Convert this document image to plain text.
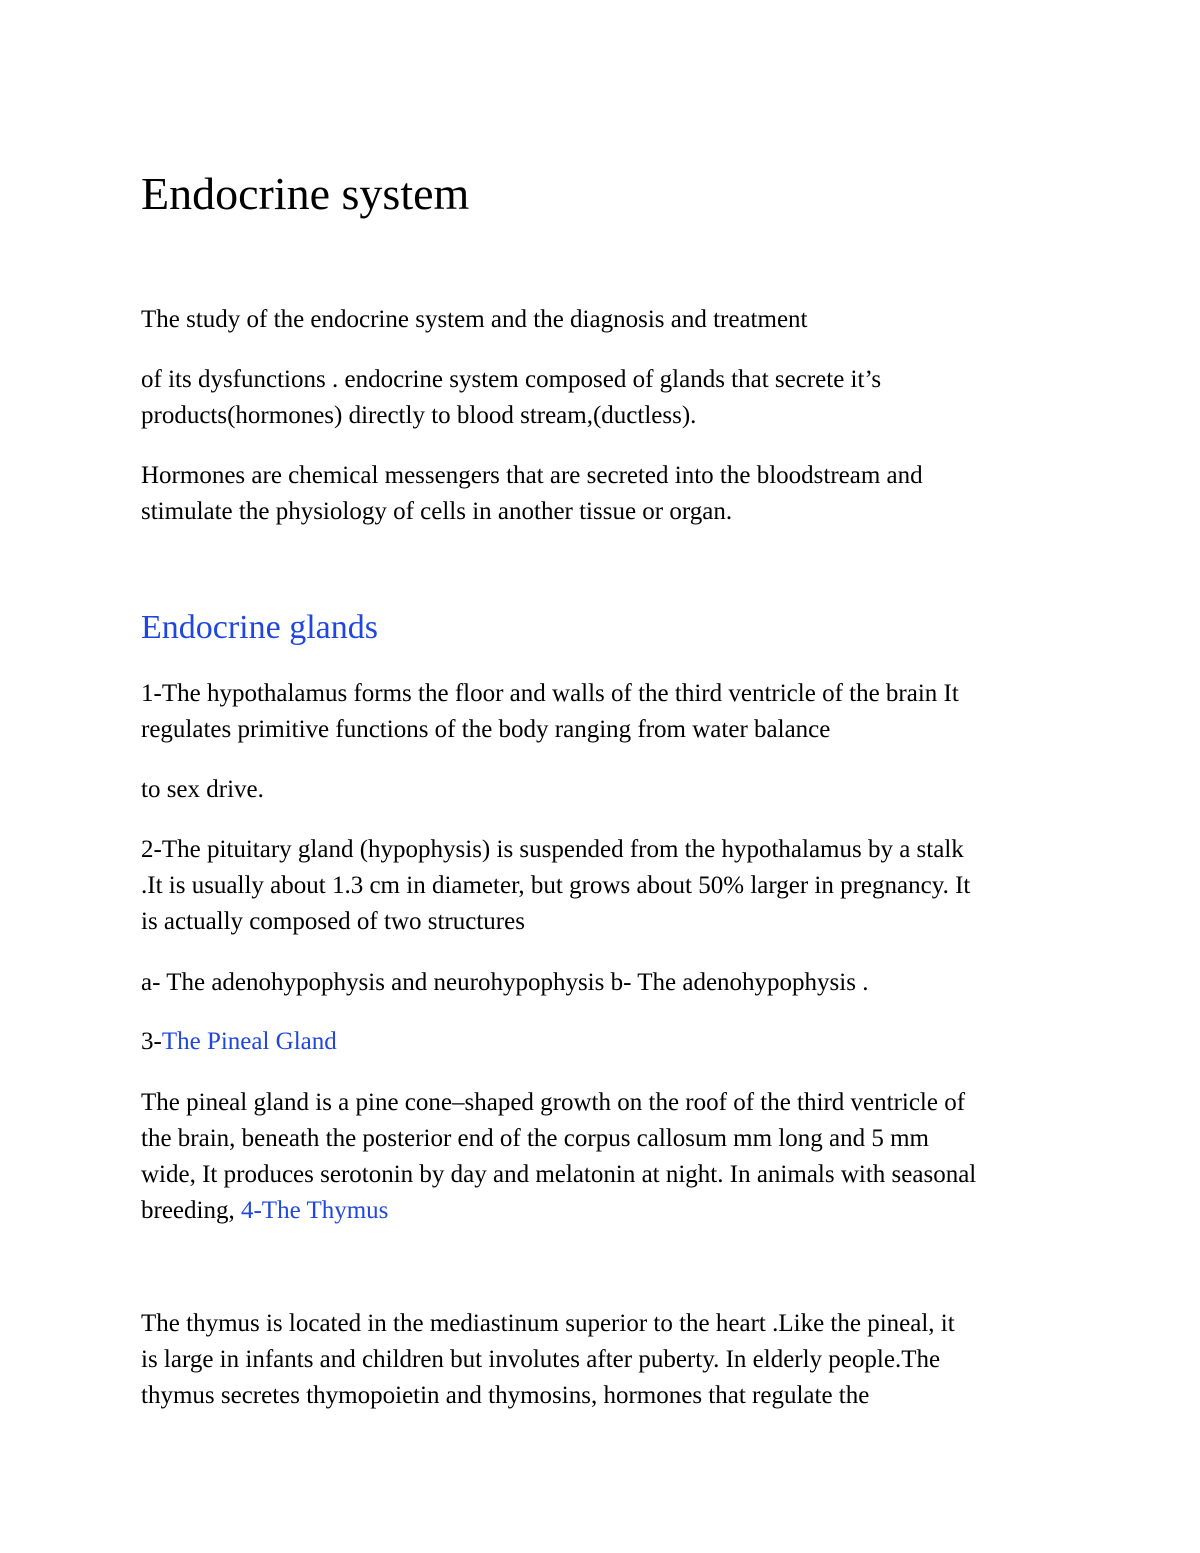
Endocrine system

The study of the endocrine system and the diagnosis and treatment

of its dysfunctions . endocrine system composed of glands that secrete it’s
products(hormones) directly to blood stream,(ductless).

Hormones are chemical messengers that are secreted into the bloodstream and
stimulate the physiology of cells in another tissue or organ.

Endocrine glands

1-The hypothalamus forms the floor and walls of the third ventricle of the brain It
regulates primitive functions of the body ranging from water balance

to sex drive.

2-The pituitary gland (hypophysis) is suspended from the hypothalamus by a stalk
.It is usually about 1.3 cm in diameter, but grows about 50% larger in pregnancy. It
is actually composed of two structures

a- The adenohypophysis and neurohypophysis b- The adenohypophysis .

3-The Pineal Gland

The pineal gland is a pine cone–shaped growth on the roof of the third ventricle of
the brain, beneath the posterior end of the corpus callosum mm long and 5 mm
wide, It produces serotonin by day and melatonin at night. In animals with seasonal
breeding, 4-The Thymus

The thymus is located in the mediastinum superior to the heart .Like the pineal, it
is large in infants and children but involutes after puberty. In elderly people.The
thymus secretes thymopoietin and thymosins, hormones that regulate the
